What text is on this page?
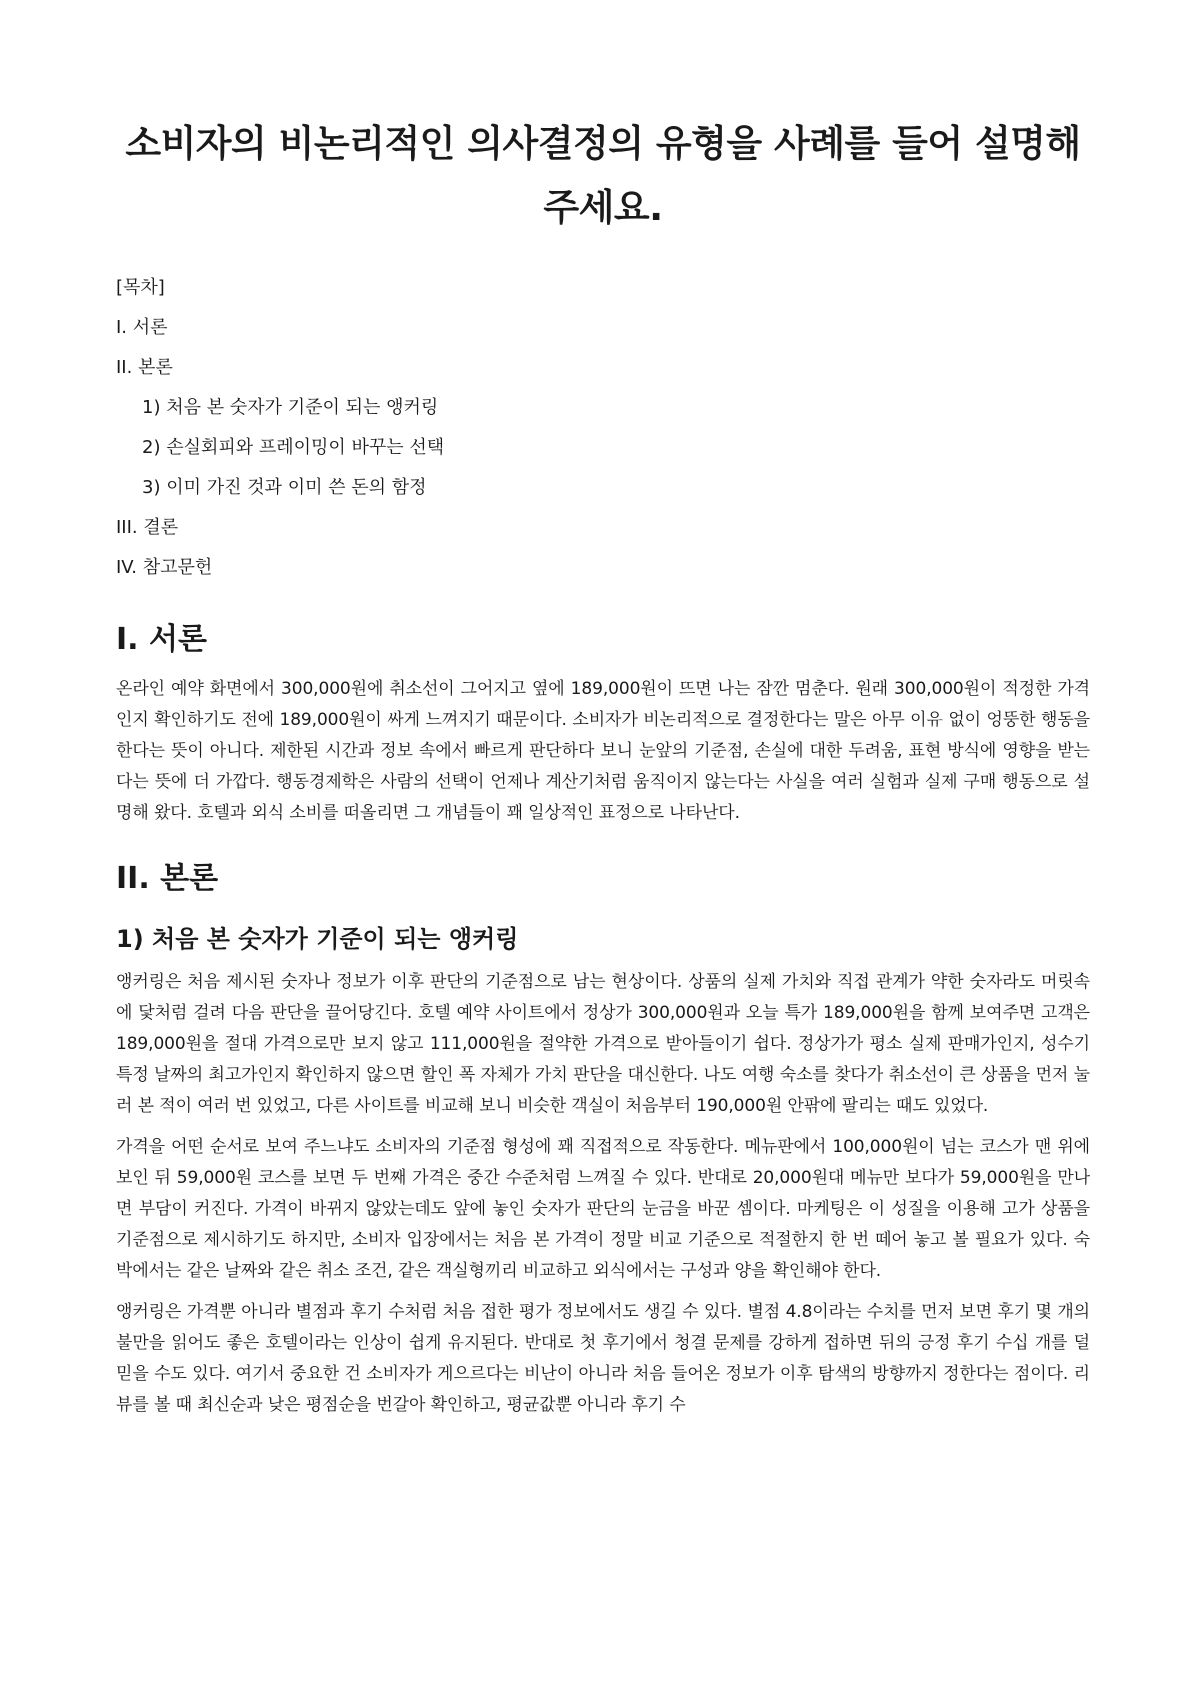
소비자의 비논리적인 의사결정의 유형을 사례를 들어 설명해주세요.
[목차]
I. 서론
II. 본론
1) 처음 본 숫자가 기준이 되는 앵커링
2) 손실회피와 프레이밍이 바꾸는 선택
3) 이미 가진 것과 이미 쓴 돈의 함정
III. 결론
IV. 참고문헌
I. 서론

온라인 예약 화면에서 300,000원에 취소선이 그어지고 옆에 189,000원이 뜨면 나는 잠깐 멈춘다. 원래 300,000원이 적정한 가격인지 확인하기도 전에 189,000원이 싸게 느껴지기 때문이다. 소비자가 비논리적으로 결정한다는 말은 아무 이유 없이 엉뚱한 행동을 한다는 뜻이 아니다. 제한된 시간과 정보 속에서 빠르게 판단하다 보니 눈앞의 기준점, 손실에 대한 두려움, 표현 방식에 영향을 받는다는 뜻에 더 가깝다. 행동경제학은 사람의 선택이 언제나 계산기처럼 움직이지 않는다는 사실을 여러 실험과 실제 구매 행동으로 설명해 왔다. 호텔과 외식 소비를 떠올리면 그 개념들이 꽤 일상적인 표정으로 나타난다.

II. 본론
1) 처음 본 숫자가 기준이 되는 앵커링

앵커링은 처음 제시된 숫자나 정보가 이후 판단의 기준점으로 남는 현상이다. 상품의 실제 가치와 직접 관계가 약한 숫자라도 머릿속에 닻처럼 걸려 다음 판단을 끌어당긴다. 호텔 예약 사이트에서 정상가 300,000원과 오늘 특가 189,000원을 함께 보여주면 고객은 189,000원을 절대 가격으로만 보지 않고 111,000원을 절약한 가격으로 받아들이기 쉽다. 정상가가 평소 실제 판매가인지, 성수기 특정 날짜의 최고가인지 확인하지 않으면 할인 폭 자체가 가치 판단을 대신한다. 나도 여행 숙소를 찾다가 취소선이 큰 상품을 먼저 눌러 본 적이 여러 번 있었고, 다른 사이트를 비교해 보니 비슷한 객실이 처음부터 190,000원 안팎에 팔리는 때도 있었다.

가격을 어떤 순서로 보여 주느냐도 소비자의 기준점 형성에 꽤 직접적으로 작동한다. 메뉴판에서 100,000원이 넘는 코스가 맨 위에 보인 뒤 59,000원 코스를 보면 두 번째 가격은 중간 수준처럼 느껴질 수 있다. 반대로 20,000원대 메뉴만 보다가 59,000원을 만나면 부담이 커진다. 가격이 바뀌지 않았는데도 앞에 놓인 숫자가 판단의 눈금을 바꾼 셈이다. 마케팅은 이 성질을 이용해 고가 상품을 기준점으로 제시하기도 하지만, 소비자 입장에서는 처음 본 가격이 정말 비교 기준으로 적절한지 한 번 떼어 놓고 볼 필요가 있다. 숙박에서는 같은 날짜와 같은 취소 조건, 같은 객실형끼리 비교하고 외식에서는 구성과 양을 확인해야 한다.

앵커링은 가격뿐 아니라 별점과 후기 수처럼 처음 접한 평가 정보에서도 생길 수 있다. 별점 4.8이라는 수치를 먼저 보면 후기 몇 개의 불만을 읽어도 좋은 호텔이라는 인상이 쉽게 유지된다. 반대로 첫 후기에서 청결 문제를 강하게 접하면 뒤의 긍정 후기 수십 개를 덜 믿을 수도 있다. 여기서 중요한 건 소비자가 게으르다는 비난이 아니라 처음 들어온 정보가 이후 탐색의 방향까지 정한다는 점이다. 리뷰를 볼 때 최신순과 낮은 평점순을 번갈아 확인하고, 평균값뿐 아니라 후기 수
